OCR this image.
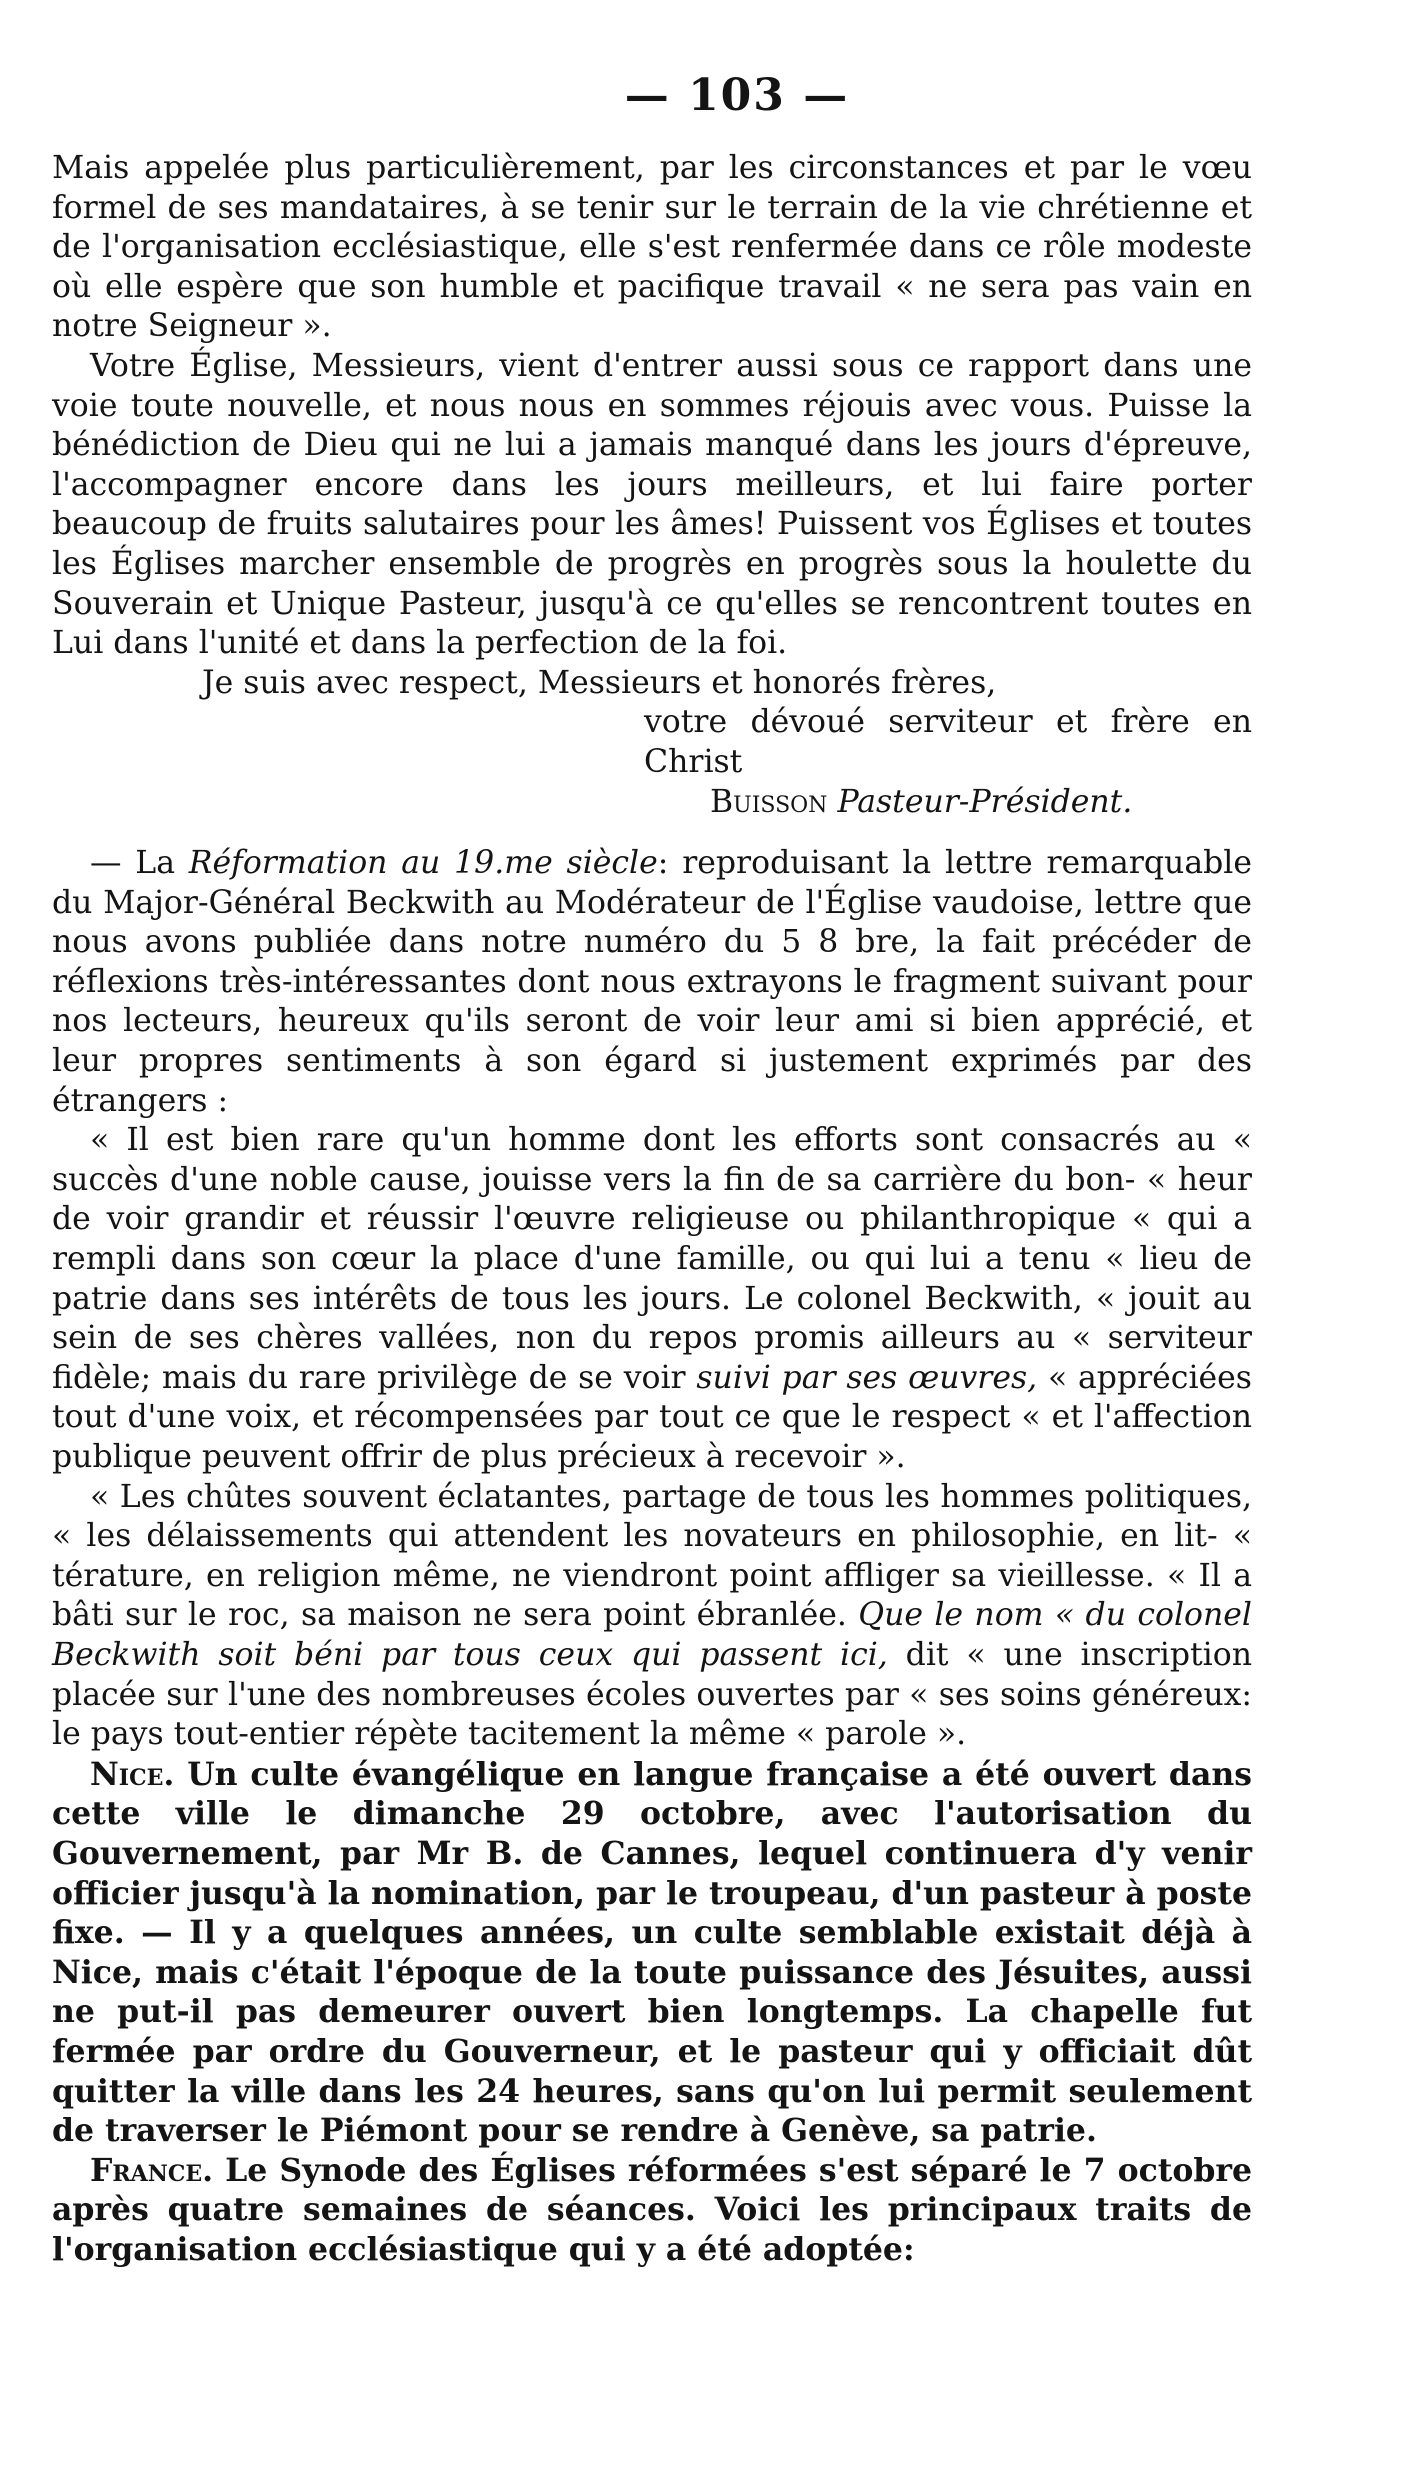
— 103 —

Mais appelée plus particulièrement, par les circonstances et par le vœu formel de ses mandataires, à se tenir sur le terrain de la vie chrétienne et de l'organisation ecclésiastique, elle s'est renfermée dans ce rôle modeste où elle espère que son humble et pacifique travail « ne sera pas vain en notre Seigneur ».

Votre Église, Messieurs, vient d'entrer aussi sous ce rapport dans une voie toute nouvelle, et nous nous en sommes réjouis avec vous. Puisse la bénédiction de Dieu qui ne lui a jamais manqué dans les jours d'épreuve, l'accompagner encore dans les jours meilleurs, et lui faire porter beaucoup de fruits salutaires pour les âmes! Puissent vos Églises et toutes les Églises marcher ensemble de progrès en progrès sous la houlette du Souverain et Unique Pasteur, jusqu'à ce qu'elles se rencontrent toutes en Lui dans l'unité et dans la perfection de la foi.

Je suis avec respect, Messieurs et honorés frères,

votre dévoué serviteur et frère en Christ

Buisson Pasteur-Président.

— La Réformation au 19.me siècle: reproduisant la lettre remarquable du Major-Général Beckwith au Modérateur de l'Église vaudoise, lettre que nous avons publiée dans notre numéro du 5 8 bre, la fait précéder de réflexions très-intéressantes dont nous extrayons le fragment suivant pour nos lecteurs, heureux qu'ils seront de voir leur ami si bien apprécié, et leur propres sentiments à son égard si justement exprimés par des étrangers :

« Il est bien rare qu'un homme dont les efforts sont consacrés au « succès d'une noble cause, jouisse vers la fin de sa carrière du bon- « heur de voir grandir et réussir l'œuvre religieuse ou philanthropique « qui a rempli dans son cœur la place d'une famille, ou qui lui a tenu « lieu de patrie dans ses intérêts de tous les jours. Le colonel Beckwith, « jouit au sein de ses chères vallées, non du repos promis ailleurs au « serviteur fidèle; mais du rare privilège de se voir suivi par ses œuvres, « appréciées tout d'une voix, et récompensées par tout ce que le respect « et l'affection publique peuvent offrir de plus précieux à recevoir ».

« Les chûtes souvent éclatantes, partage de tous les hommes politiques, « les délaissements qui attendent les novateurs en philosophie, en lit- « térature, en religion même, ne viendront point affliger sa vieillesse. « Il a bâti sur le roc, sa maison ne sera point ébranlée. Que le nom « du colonel Beckwith soit béni par tous ceux qui passent ici, dit « une inscription placée sur l'une des nombreuses écoles ouvertes par « ses soins généreux: le pays tout-entier répète tacitement la même « parole ».

Nice. Un culte évangélique en langue française a été ouvert dans cette ville le dimanche 29 octobre, avec l'autorisation du Gouvernement, par Mr B. de Cannes, lequel continuera d'y venir officier jusqu'à la nomination, par le troupeau, d'un pasteur à poste fixe. — Il y a quelques années, un culte semblable existait déjà à Nice, mais c'était l'époque de la toute puissance des Jésuites, aussi ne put-il pas demeurer ouvert bien longtemps. La chapelle fut fermée par ordre du Gouverneur, et le pasteur qui y officiait dût quitter la ville dans les 24 heures, sans qu'on lui permit seulement de traverser le Piémont pour se rendre à Genève, sa patrie.

France. Le Synode des Églises réformées s'est séparé le 7 octobre après quatre semaines de séances. Voici les principaux traits de l'organisation ecclésiastique qui y a été adoptée:
